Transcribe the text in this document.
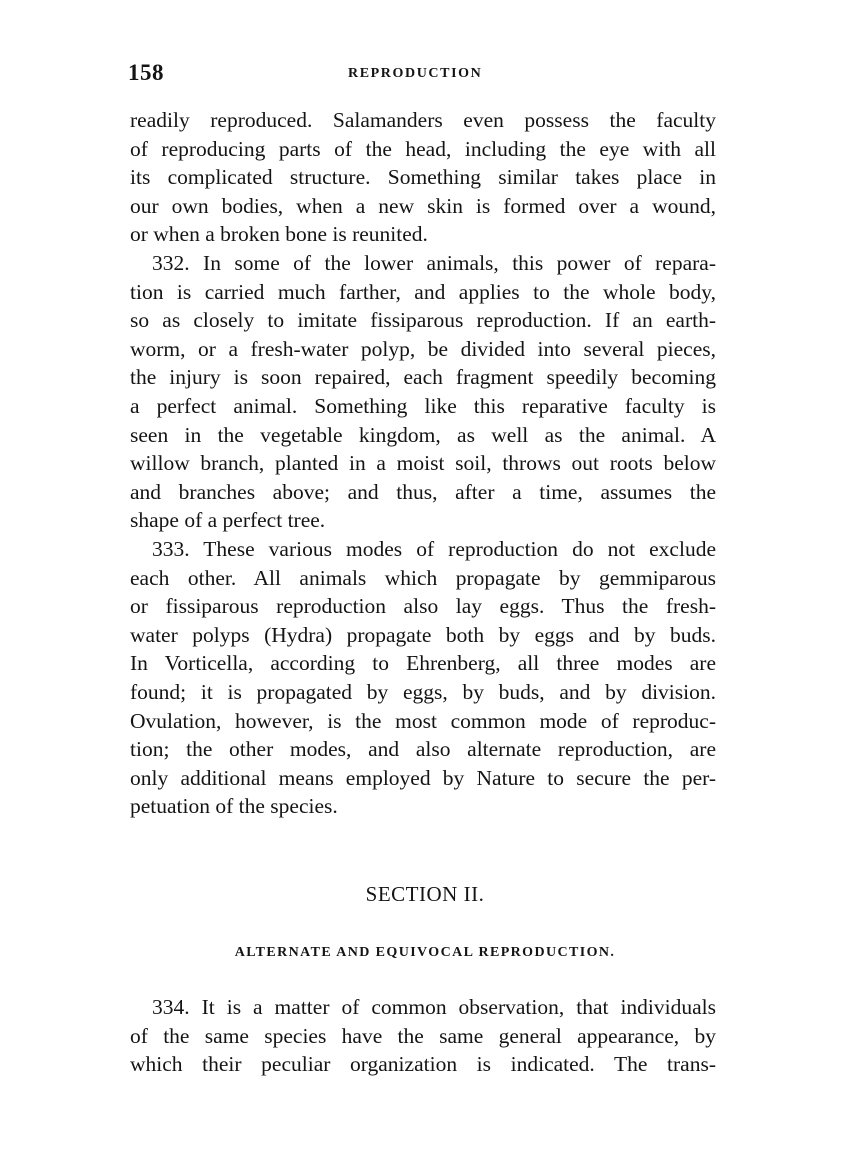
158	REPRODUCTION
readily reproduced. Salamanders even possess the faculty
of reproducing parts of the head, including the eye with all
its complicated structure. Something similar takes place in
our own bodies, when a new skin is formed over a wound,
or when a broken bone is reunited.
332. In some of the lower animals, this power of repara-
tion is carried much farther, and applies to the whole body,
so as closely to imitate fissiparous reproduction. If an earth-
worm, or a fresh-water polyp, be divided into several pieces,
the injury is soon repaired, each fragment speedily becoming
a perfect animal. Something like this reparative faculty is
seen in the vegetable kingdom, as well as the animal. A
willow branch, planted in a moist soil, throws out roots below
and branches above; and thus, after a time, assumes the
shape of a perfect tree.
333. These various modes of reproduction do not exclude
each other. All animals which propagate by gemmiparous
or fissiparous reproduction also lay eggs. Thus the fresh-
water polyps (Hydra) propagate both by eggs and by buds.
In Vorticella, according to Ehrenberg, all three modes are
found; it is propagated by eggs, by buds, and by division.
Ovulation, however, is the most common mode of reproduc-
tion; the other modes, and also alternate reproduction, are
only additional means employed by Nature to secure the per-
petuation of the species.
SECTION II.
ALTERNATE AND EQUIVOCAL REPRODUCTION.
334. It is a matter of common observation, that individuals
of the same species have the same general appearance, by
which their peculiar organization is indicated. The trans-
